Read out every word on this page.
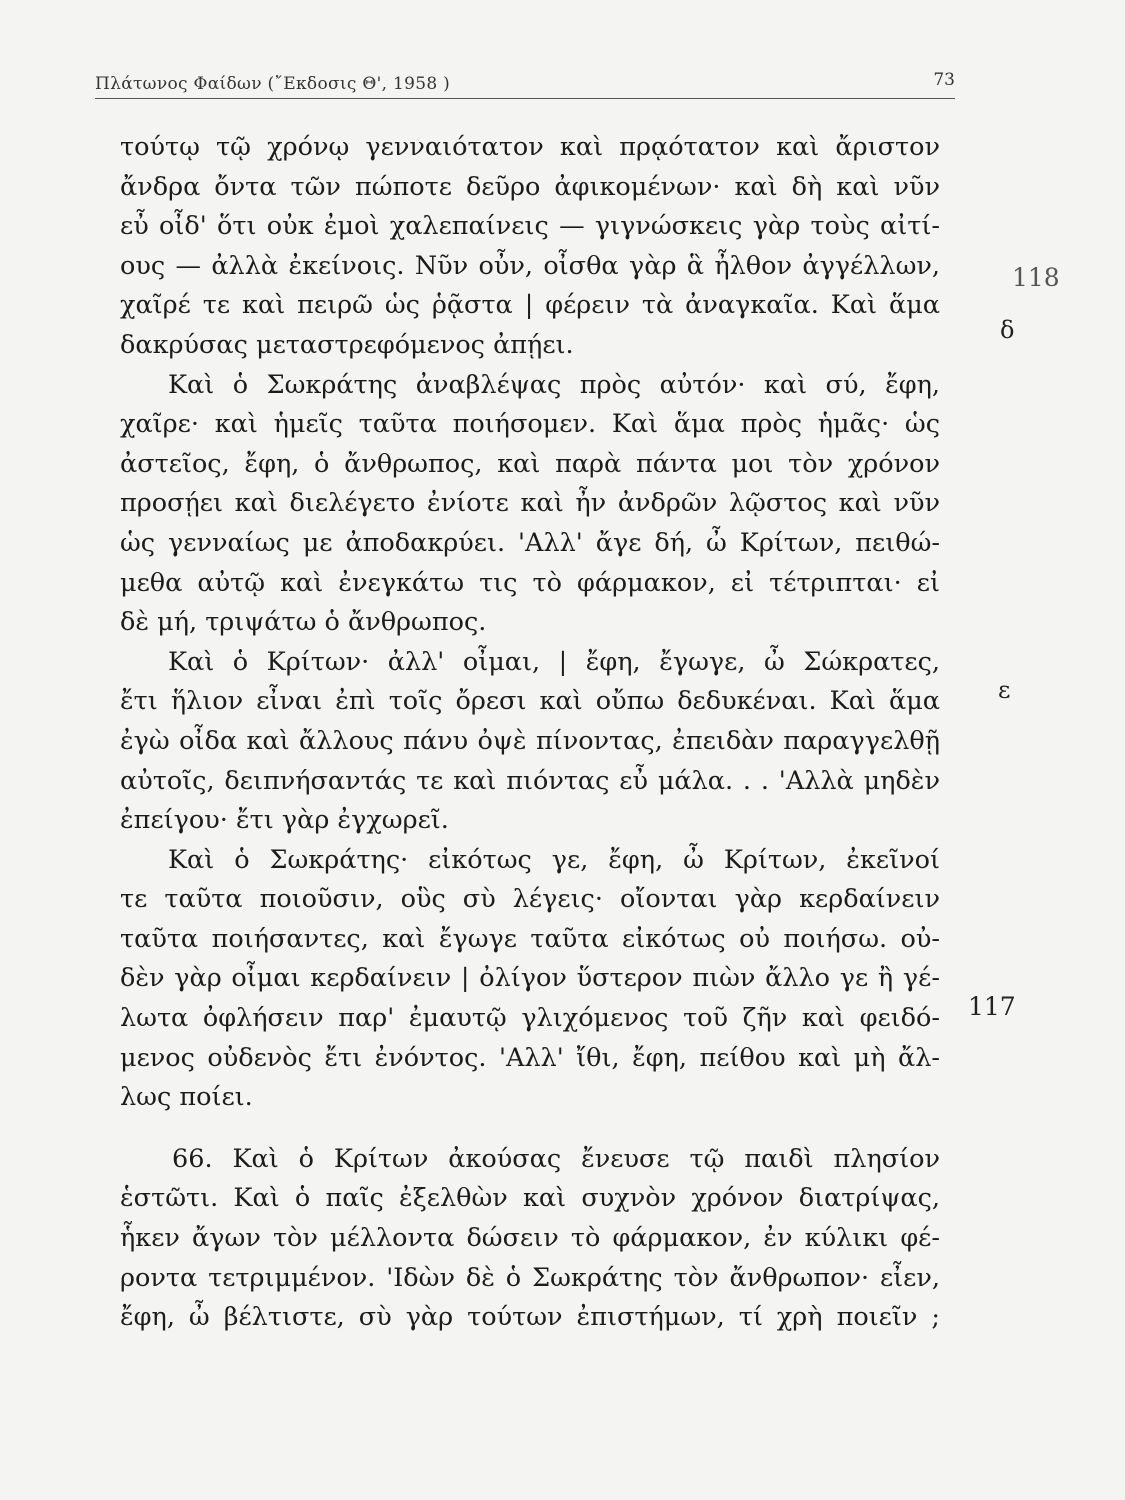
Πλάτωνος Φαίδων (῎Εκδοσις Θ', 1958 )	73
τούτῳ τῷ χρόνῳ γενναιότατον καὶ πρᾳότατον καὶ ἄριστον
ἄνδρα ὄντα τῶν πώποτε δεῦρο ἀφικομένων· καὶ δὴ καὶ νῦν
εὖ οἶδ' ὅτι οὐκ ἐμοὶ χαλεπαίνεις — γιγνώσκεις γὰρ τοὺς αἰτί-
ους — ἀλλὰ ἐκείνοις. Νῦν οὖν, οἶσθα γὰρ ἃ ἦλθον ἀγγέλλων,
χαῖρέ τε καὶ πειρῶ ὡς ῥᾷστα | φέρειν τὰ ἀναγκαῖα. Καὶ ἅμα
δακρύσας μεταστρεφόμενος ἀπῄει.
Καὶ ὁ Σωκράτης ἀναβλέψας πρὸς αὐτόν· καὶ σύ, ἔφη,
χαῖρε· καὶ ἡμεῖς ταῦτα ποιήσομεν. Καὶ ἅμα πρὸς ἡμᾶς· ὡς
ἀστεῖος, ἔφη, ὁ ἄνθρωπος, καὶ παρὰ πάντα μοι τὸν χρόνον
προσῄει καὶ διελέγετο ἐνίοτε καὶ ἦν ἀνδρῶν λῷστος καὶ νῦν
ὡς γενναίως με ἀποδακρύει. 'Αλλ' ἄγε δή, ὦ Κρίτων, πειθώ-
μεθα αὐτῷ καὶ ἐνεγκάτω τις τὸ φάρμακον, εἰ τέτριπται· εἰ
δὲ μή, τριψάτω ὁ ἄνθρωπος.
Καὶ ὁ Κρίτων· ἀλλ' οἶμαι, | ἔφη, ἔγωγε, ὦ Σώκρατες,
ἔτι ἥλιον εἶναι ἐπὶ τοῖς ὄρεσι καὶ οὔπω δεδυκέναι. Καὶ ἅμα
ἐγὼ οἶδα καὶ ἄλλους πάνυ ὀψὲ πίνοντας, ἐπειδὰν παραγγελθῇ
αὐτοῖς, δειπνήσαντάς τε καὶ πιόντας εὖ μάλα. . . 'Αλλὰ μηδὲν
ἐπείγου· ἔτι γὰρ ἐγχωρεῖ.
Καὶ ὁ Σωκράτης· εἰκότως γε, ἔφη, ὦ Κρίτων, ἐκεῖνοί
τε ταῦτα ποιοῦσιν, οὓς σὺ λέγεις· οἴονται γὰρ κερδαίνειν
ταῦτα ποιήσαντες, καὶ ἔγωγε ταῦτα εἰκότως οὐ ποιήσω. οὐ-
δὲν γὰρ οἶμαι κερδαίνειν | ὀλίγον ὕστερον πιὼν ἄλλο γε ἢ γέ-
λωτα ὀφλήσειν παρ' ἐμαυτῷ γλιχόμενος τοῦ ζῆν καὶ φειδό-
μενος οὐδενὸς ἔτι ἐνόντος. 'Αλλ' ἴθι, ἔφη, πείθου καὶ μὴ ἄλ-
λως ποίει.
66. Καὶ ὁ Κρίτων ἀκούσας ἔνευσε τῷ παιδὶ πλησίον
ἑστῶτι. Καὶ ὁ παῖς ἐξελθὼν καὶ συχνὸν χρόνον διατρίψας,
ἧκεν ἄγων τὸν μέλλοντα δώσειν τὸ φάρμακον, ἐν κύλικι φέ-
ροντα τετριμμένον. 'Ιδὼν δὲ ὁ Σωκράτης τὸν ἄνθρωπον· εἶεν,
ἔφη, ὦ βέλτιστε, σὺ γὰρ τούτων ἐπιστήμων, τί χρὴ ποιεῖν ;
118
δ
ε
117
